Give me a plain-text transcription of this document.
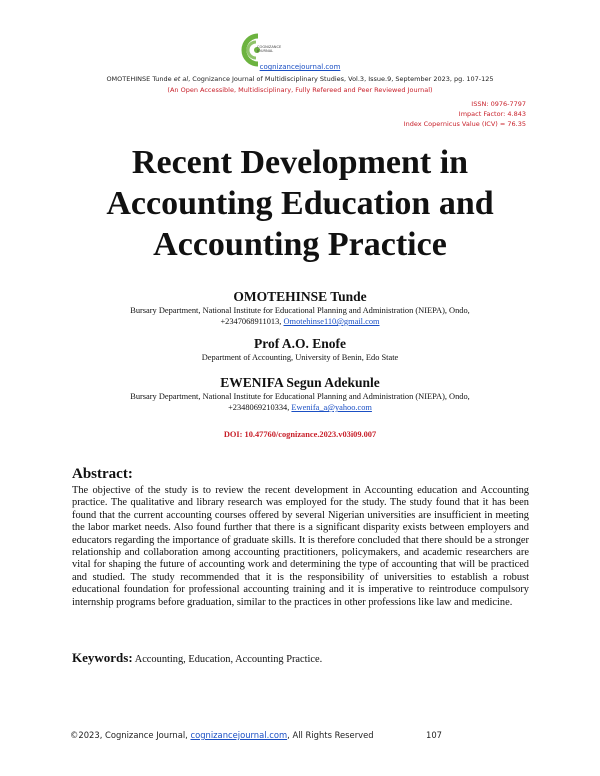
COGNIZANCE JOURNAL
cognizancejournal.com
OMOTEHINSE Tunde et al, Cognizance Journal of Multidisciplinary Studies, Vol.3, Issue.9, September 2023, pg. 107-125
(An Open Accessible, Multidisciplinary, Fully Refereed and Peer Reviewed Journal)
ISSN: 0976-7797
Impact Factor: 4.843
Index Copernicus Value (ICV) = 76.35
Recent Development in
Accounting Education and
Accounting Practice
OMOTEHINSE Tunde
Bursary Department, National Institute for Educational Planning and Administration (NIEPA), Ondo,
+2347068911013, Omotehinse110@gmail.com
Prof A.O. Enofe
Department of Accounting, University of Benin, Edo State
EWENIFA Segun Adekunle
Bursary Department, National Institute for Educational Planning and Administration (NIEPA), Ondo,
+2348069210334, Ewenifa_a@yahoo.com
DOI: 10.47760/cognizance.2023.v03i09.007
Abstract:
The objective of the study is to review the recent development in Accounting education and Accounting practice. The qualitative and library research was employed for the study. The study found that it has been found that the current accounting courses offered by several Nigerian universities are insufficient in meeting the labor market needs. Also found further that there is a significant disparity exists between employers and educators regarding the importance of graduate skills. It is therefore concluded that there should be a stronger relationship and collaboration among accounting practitioners, policymakers, and academic researchers are vital for shaping the future of accounting work and determining the type of accounting that will be practiced and studied. The study recommended that it is the responsibility of universities to establish a robust educational foundation for professional accounting training and it is imperative to reintroduce compulsory internship programs before graduation, similar to the practices in other professions like law and medicine.
Keywords: Accounting, Education, Accounting Practice.
©2023, Cognizance Journal, cognizancejournal.com, All Rights Reserved	107
